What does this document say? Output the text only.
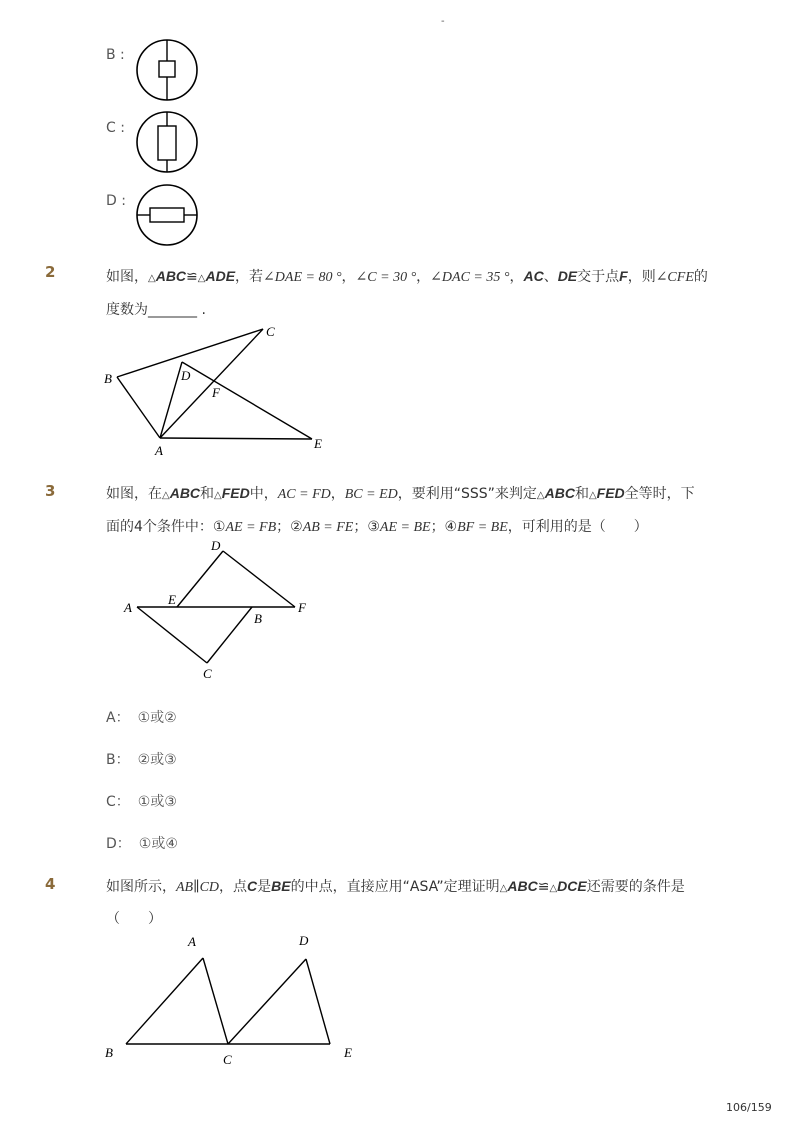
-
B :
C :
D :
2	如图，△ABC≌△ADE，若∠DAE = 80 °，∠C = 30 °，∠DAC = 35 °，AC、DE交于点F，则∠CFE的
度数为_______ .
C
B	D
F
A	E
3	如图，在△ABC和△FED中，AC = FD，BC = ED，要利用“SSS”来判定△ABC和△FED全等时，下
面的4个条件中：①AE = FB；②AB = FE；③AE = BE；④BF = BE，可利用的是（　　）
D
A
E
B
F
C
A： ①或②
B： ②或③
C： ①或③
D： ①或④
4	如图所示，AB∥CD，点C是BE的中点，直接应用“ASA”定理证明△ABC≌△DCE还需要的条件是
（　　）
A	D
B	C	E
106/159
